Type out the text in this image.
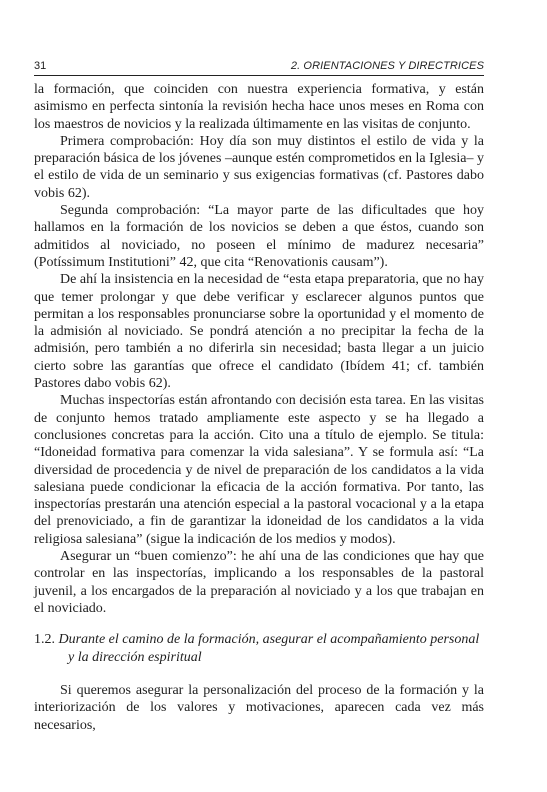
31	2. ORIENTACIONES Y DIRECTRICES

la formación, que coinciden con nuestra experiencia formativa, y están asimismo en perfecta sintonía la revisión hecha hace unos meses en Roma con los maestros de novicios y la realizada últimamente en las visitas de conjunto.

Primera comprobación: Hoy día son muy distintos el estilo de vida y la preparación básica de los jóvenes –aunque estén comprometidos en la Iglesia– y el estilo de vida de un seminario y sus exigencias formativas (cf. Pastores dabo vobis 62).

Segunda comprobación: “La mayor parte de las dificultades que hoy hallamos en la formación de los novicios se deben a que éstos, cuando son admitidos al noviciado, no poseen el mínimo de madurez necesaria” (Potíssimum Institutioni” 42, que cita “Renovationis causam”).

De ahí la insistencia en la necesidad de “esta etapa preparatoria, que no hay que temer prolongar y que debe verificar y esclarecer algunos puntos que permitan a los responsables pronunciarse sobre la oportunidad y el momento de la admisión al noviciado. Se pondrá atención a no precipitar la fecha de la admisión, pero también a no diferirla sin necesidad; basta llegar a un juicio cierto sobre las garantías que ofrece el candidato (Ibídem 41; cf. también Pastores dabo vobis 62).

Muchas inspectorías están afrontando con decisión esta tarea. En las visitas de conjunto hemos tratado ampliamente este aspecto y se ha llegado a conclusiones concretas para la acción. Cito una a título de ejemplo. Se titula: “Idoneidad formativa para comenzar la vida salesiana”. Y se formula así: “La diversidad de procedencia y de nivel de preparación de los candidatos a la vida salesiana puede condicionar la eficacia de la acción formativa. Por tanto, las inspectorías prestarán una atención especial a la pastoral vocacional y a la etapa del prenoviciado, a fin de garantizar la idoneidad de los candidatos a la vida religiosa salesiana” (sigue la indicación de los medios y modos).

Asegurar un “buen comienzo”: he ahí una de las condiciones que hay que controlar en las inspectorías, implicando a los responsables de la pastoral juvenil, a los encargados de la preparación al noviciado y a los que trabajan en el noviciado.

1.2. Durante el camino de la formación, asegurar el acompañamiento personal
y la dirección espiritual

Si queremos asegurar la personalización del proceso de la formación y la interiorización de los valores y motivaciones, aparecen cada vez más necesarios,
